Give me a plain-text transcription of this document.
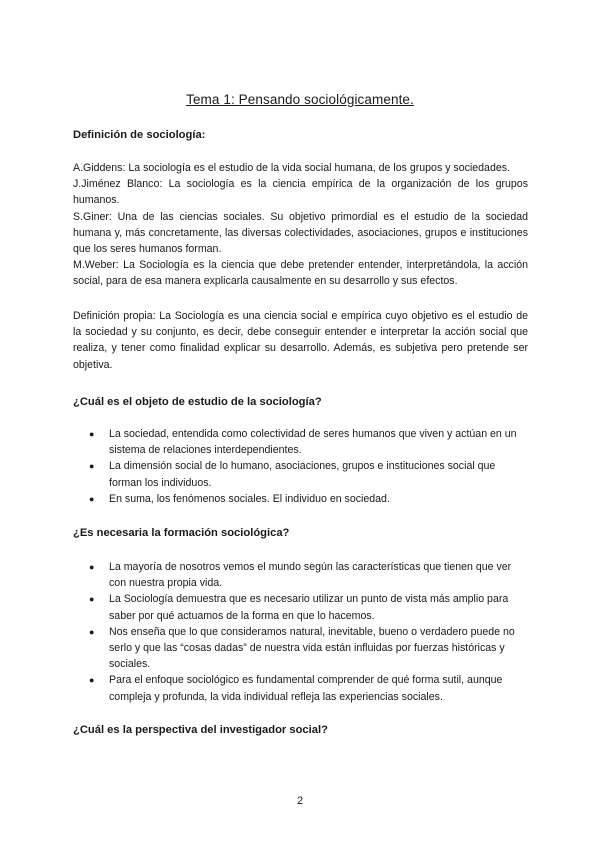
Tema 1: Pensando sociológicamente.
Definición de sociología:

A.Giddens: La sociología es el estudio de la vida social humana, de los grupos y sociedades.

J.Jiménez Blanco: La sociología es la ciencia empírica de la organización de los grupos humanos.

S.Giner: Una de las ciencias sociales. Su objetivo primordial es el estudio de la sociedad humana y, más concretamente, las diversas colectividades, asociaciones, grupos e instituciones que los seres humanos forman.

M.Weber: La Sociología es la ciencia que debe pretender entender, interpretándola, la acción social, para de esa manera explicarla causalmente en su desarrollo y sus efectos.

Definición propia: La Sociología es una ciencia social e empírica cuyo objetivo es el estudio de la sociedad y su conjunto, es decir, debe conseguir entender e interpretar la acción social que realiza, y tener como finalidad explicar su desarrollo. Además, es subjetiva pero pretende ser objetiva.

¿Cuál es el objeto de estudio de la sociología?
● La sociedad, entendida como colectividad de seres humanos que viven y actúan en un sistema de relaciones interdependientes.
● La dimensión social de lo humano, asociaciones, grupos e instituciones social que forman los individuos.
● En suma, los fenómenos sociales. El individuo en sociedad.
¿Es necesaria la formación sociológica?
● La mayoría de nosotros vemos el mundo según las características que tienen que ver con nuestra propia vida.
● La Sociología demuestra que es necesario utilizar un punto de vista más amplio para saber por qué actuamos de la forma en que lo hacemos.
● Nos enseña que lo que consideramos natural, inevitable, bueno o verdadero puede no serlo y que las “cosas dadas” de nuestra vida están influidas por fuerzas históricas y sociales.
● Para el enfoque sociológico es fundamental comprender de qué forma sutil, aunque compleja y profunda, la vida individual refleja las experiencias sociales.
¿Cuál es la perspectiva del investigador social?
2
